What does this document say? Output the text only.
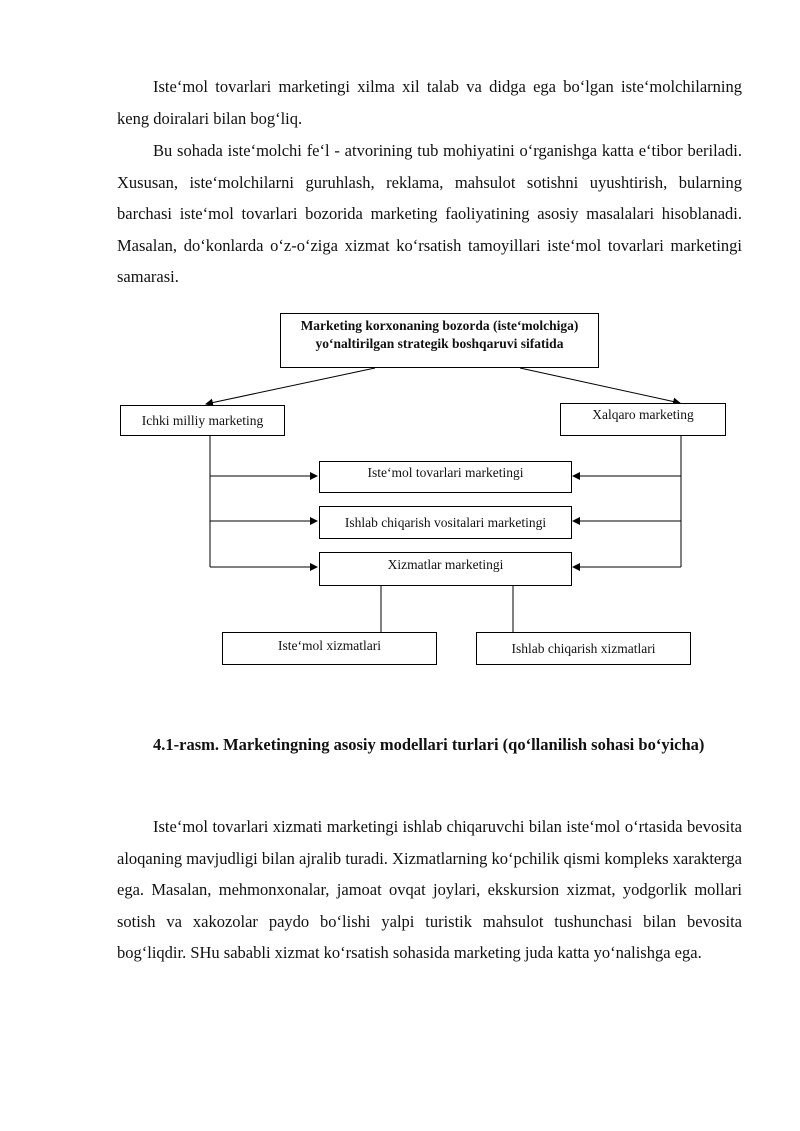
Iste‘mol tovarlari marketingi xilma xil talab va didga ega bo‘lgan iste‘molchilarning keng doiralari bilan bog‘liq.

Bu sohada iste‘molchi fe‘l - atvorining tub mohiyatini o‘rganishga katta e‘tibor beriladi. Xususan, iste‘molchilarni guruhlash, reklama, mahsulot sotishni uyushtirish, bularning barchasi iste‘mol tovarlari bozorida marketing faoliyatining asosiy masalalari hisoblanadi. Masalan, do‘konlarda o‘z-o‘ziga xizmat ko‘rsatish tamoyillari iste‘mol tovarlari marketingi samarasi.

Marketing korxonaning bozorda (iste‘molchiga)
yo‘naltirilgan strategik boshqaruvi sifatida
Ichki milliy marketing	Xalqaro marketing
Iste‘mol tovarlari marketingi
Ishlab chiqarish vositalari marketingi
Xizmatlar marketingi
Iste‘mol xizmatlari	Ishlab chiqarish xizmatlari

4.1-rasm. Marketingning asosiy modellari turlari (qo‘llanilish sohasi bo‘yicha)

Iste‘mol tovarlari xizmati marketingi ishlab chiqaruvchi bilan iste‘mol o‘rtasida bevosita aloqaning mavjudligi bilan ajralib turadi. Xizmatlarning ko‘pchilik qismi kompleks xarakterga ega. Masalan, mehmonxonalar, jamoat ovqat joylari, ekskursion xizmat, yodgorlik mollari sotish va xakozolar paydo bo‘lishi yalpi turistik mahsulot tushunchasi bilan bevosita bog‘liqdir. SHu sababli xizmat ko‘rsatish sohasida marketing juda katta yo‘nalishga ega.
